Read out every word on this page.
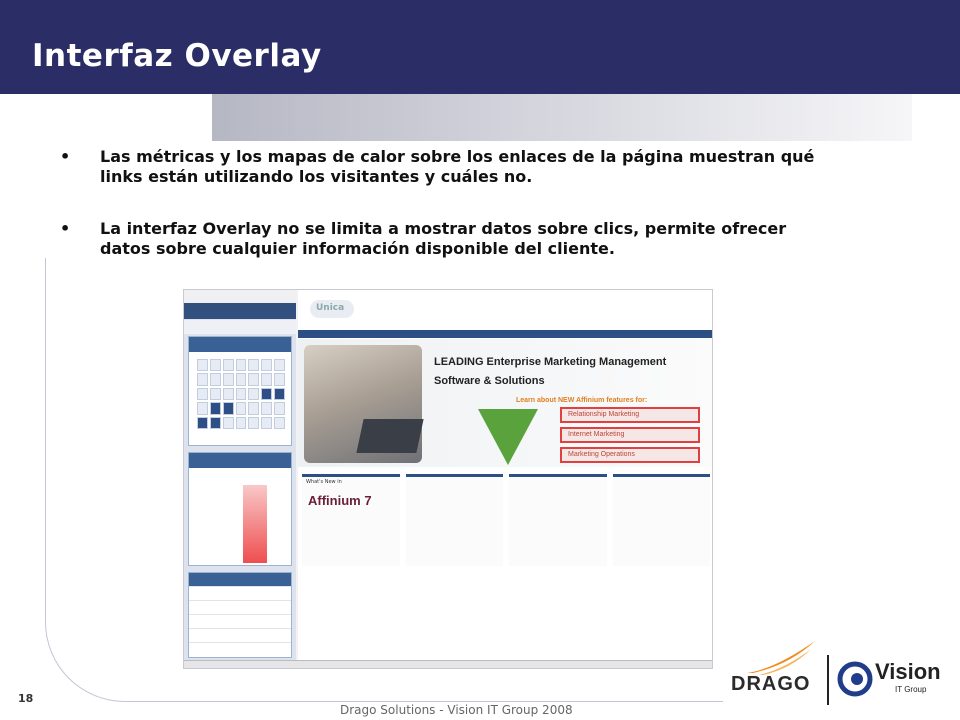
Interfaz Overlay
• Las métricas y los mapas de calor sobre los enlaces de la página muestran qué links están utilizando los visitantes y cuáles no.
• La interfaz Overlay no se limita a mostrar datos sobre clics, permite ofrecer datos sobre cualquier información disponible del cliente.
Unica
LEADING Enterprise Marketing Management
Software & Solutions
Learn about NEW Affinium features for:
Relationship Marketing
Internet Marketing
Marketing Operations
What's New in
Affinium 7
DRAGO	Vision
IT Group
18
Drago Solutions - Vision IT Group 2008
